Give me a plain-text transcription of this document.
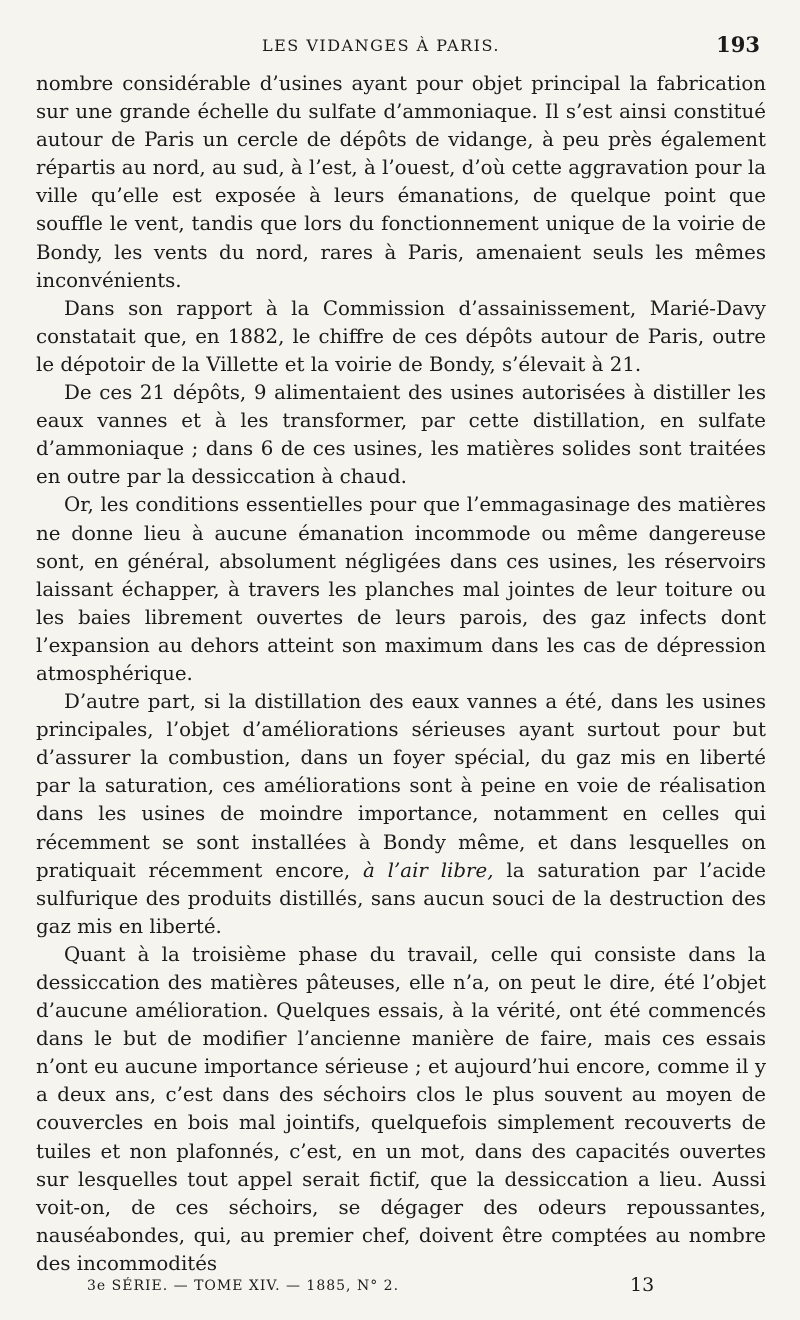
LES VIDANGES À PARIS.	193

nombre considérable d’usines ayant pour objet principal la fabrication sur une grande échelle du sulfate d’ammoniaque. Il s’est ainsi constitué autour de Paris un cercle de dépôts de vidange, à peu près également répartis au nord, au sud, à l’est, à l’ouest, d’où cette aggravation pour la ville qu’elle est exposée à leurs émanations, de quelque point que souffle le vent, tandis que lors du fonctionnement unique de la voirie de Bondy, les vents du nord, rares à Paris, amenaient seuls les mêmes inconvénients.

Dans son rapport à la Commission d’assainissement, Marié-Davy constatait que, en 1882, le chiffre de ces dépôts autour de Paris, outre le dépotoir de la Villette et la voirie de Bondy, s’élevait à 21.

De ces 21 dépôts, 9 alimentaient des usines autorisées à distiller les eaux vannes et à les transformer, par cette distillation, en sulfate d’ammoniaque ; dans 6 de ces usines, les matières solides sont traitées en outre par la dessiccation à chaud.

Or, les conditions essentielles pour que l’emmagasinage des matières ne donne lieu à aucune émanation incommode ou même dangereuse sont, en général, absolument négligées dans ces usines, les réservoirs laissant échapper, à travers les planches mal jointes de leur toiture ou les baies librement ouvertes de leurs parois, des gaz infects dont l’expansion au dehors atteint son maximum dans les cas de dépression atmosphérique.

D’autre part, si la distillation des eaux vannes a été, dans les usines principales, l’objet d’améliorations sérieuses ayant surtout pour but d’assurer la combustion, dans un foyer spécial, du gaz mis en liberté par la saturation, ces améliorations sont à peine en voie de réalisation dans les usines de moindre importance, notamment en celles qui récemment se sont installées à Bondy même, et dans lesquelles on pratiquait récemment encore, à l’air libre, la saturation par l’acide sulfurique des produits distillés, sans aucun souci de la destruction des gaz mis en liberté.

Quant à la troisième phase du travail, celle qui consiste dans la dessiccation des matières pâteuses, elle n’a, on peut le dire, été l’objet d’aucune amélioration. Quelques essais, à la vérité, ont été commencés dans le but de modifier l’ancienne manière de faire, mais ces essais n’ont eu aucune importance sérieuse ; et aujourd’hui encore, comme il y a deux ans, c’est dans des séchoirs clos le plus souvent au moyen de couvercles en bois mal jointifs, quelquefois simplement recouverts de tuiles et non plafonnés, c’est, en un mot, dans des capacités ouvertes sur lesquelles tout appel serait fictif, que la dessiccation a lieu. Aussi voit-on, de ces séchoirs, se dégager des odeurs repoussantes, nauséabondes, qui, au premier chef, doivent être comptées au nombre des incommodités

3e SÉRIE. — TOME XIV. — 1885, N° 2.	13
